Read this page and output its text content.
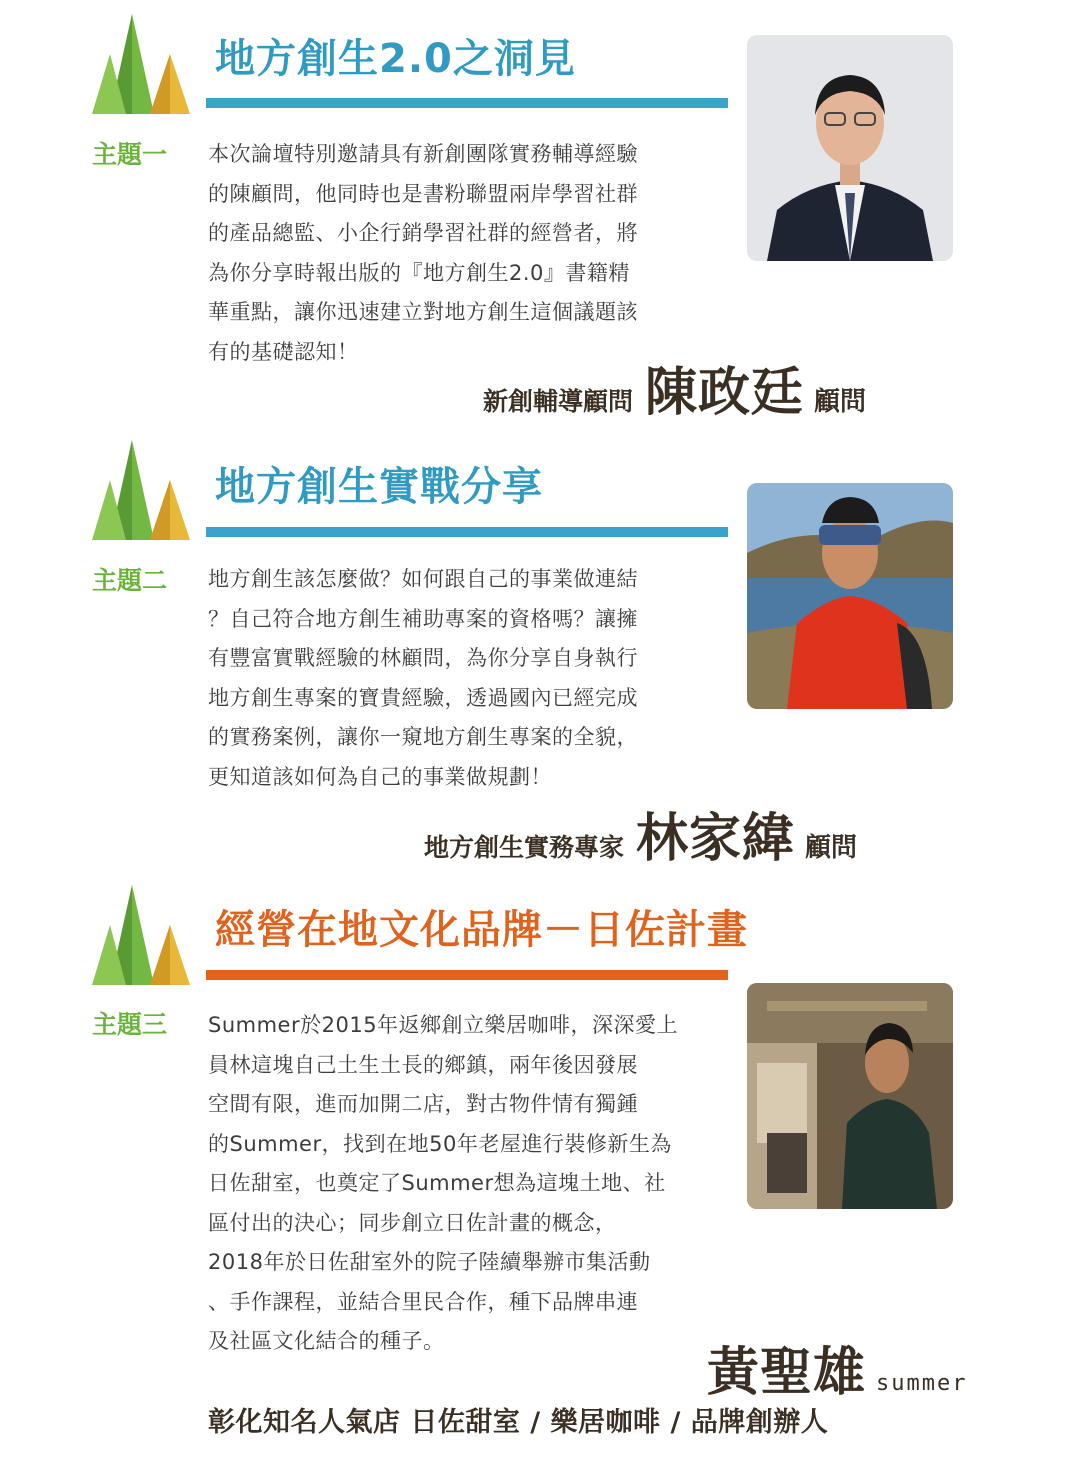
主題一
地方創生2.0之洞見
本次論壇特別邀請具有新創團隊實務輔導經驗
的陳顧問，他同時也是書粉聯盟兩岸學習社群
的產品總監、小企行銷學習社群的經營者，將
為你分享時報出版的『地方創生2.0』書籍精
華重點，讓你迅速建立對地方創生這個議題該
有的基礎認知！
新創輔導顧問 陳政廷 顧問
主題二
地方創生實戰分享
地方創生該怎麼做？如何跟自己的事業做連結
？自己符合地方創生補助專案的資格嗎？讓擁
有豐富實戰經驗的林顧問，為你分享自身執行
地方創生專案的寶貴經驗，透過國內已經完成
的實務案例，讓你一窺地方創生專案的全貌，
更知道該如何為自己的事業做規劃！
地方創生實務專家 林家緯 顧問
主題三
經營在地文化品牌－日佐計畫
Summer於2015年返鄉創立樂居咖啡，深深愛上
員林這塊自己土生土長的鄉鎮，兩年後因發展
空間有限，進而加開二店，對古物件情有獨鍾
的Summer，找到在地50年老屋進行裝修新生為
日佐甜室，也奠定了Summer想為這塊土地、社
區付出的決心；同步創立日佐計畫的概念，
2018年於日佐甜室外的院子陸續舉辦市集活動
、手作課程，並結合里民合作，種下品牌串連
及社區文化結合的種子。
黃聖雄 summer
彰化知名人氣店 日佐甜室 / 樂居咖啡 / 品牌創辦人
